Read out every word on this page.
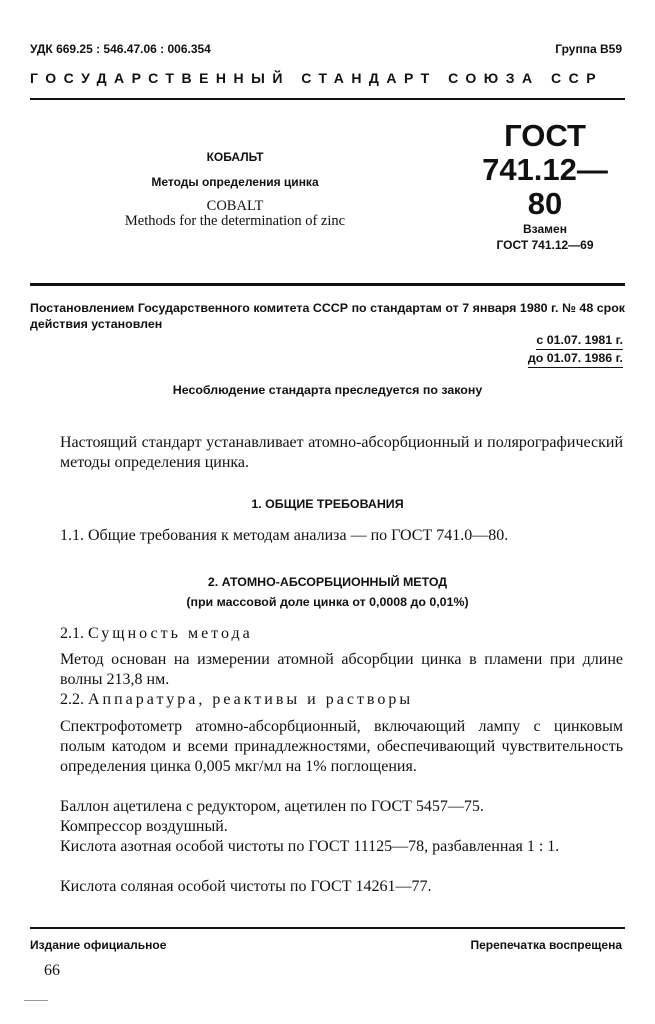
УДК 669.25 : 546.47.06 : 006.354	Группа В59
ГОСУДАРСТВЕННЫЙ СТАНДАРТ СОЮЗА ССР
КОБАЛЬТ
Методы определения цинка
COBALT
Methods for the determination of zinc
ГОСТ
741.12—80
Взамен
ГОСТ 741.12—69
Постановлением Государственного комитета СССР по стандартам от 7 января 1980 г. № 48 срок действия установлен
с 01.07. 1981 г.
до 01.07. 1986 г.
Несоблюдение стандарта преследуется по закону
Настоящий стандарт устанавливает атомно-абсорбционный и полярографический методы определения цинка.
1. ОБЩИЕ ТРЕБОВАНИЯ
1.1. Общие требования к методам анализа — по ГОСТ 741.0—80.
2. АТОМНО-АБСОРБЦИОННЫЙ МЕТОД
(при массовой доле цинка от 0,0008 до 0,01%)
2.1. Сущность метода
Метод основан на измерении атомной абсорбции цинка в пламени при длине волны 213,8 нм.
2.2. Аппаратура, реактивы и растворы
Спектрофотометр атомно-абсорбционный, включающий лампу с цинковым полым катодом и всеми принадлежностями, обеспечивающий чувствительность определения цинка 0,005 мкг/мл на 1% поглощения.
Баллон ацетилена с редуктором, ацетилен по ГОСТ 5457—75.
Компрессор воздушный.
Кислота азотная особой чистоты по ГОСТ 11125—78, разбавленная 1 : 1.
Кислота соляная особой чистоты по ГОСТ 14261—77.
Издание официальное	Перепечатка воспрещена
66
